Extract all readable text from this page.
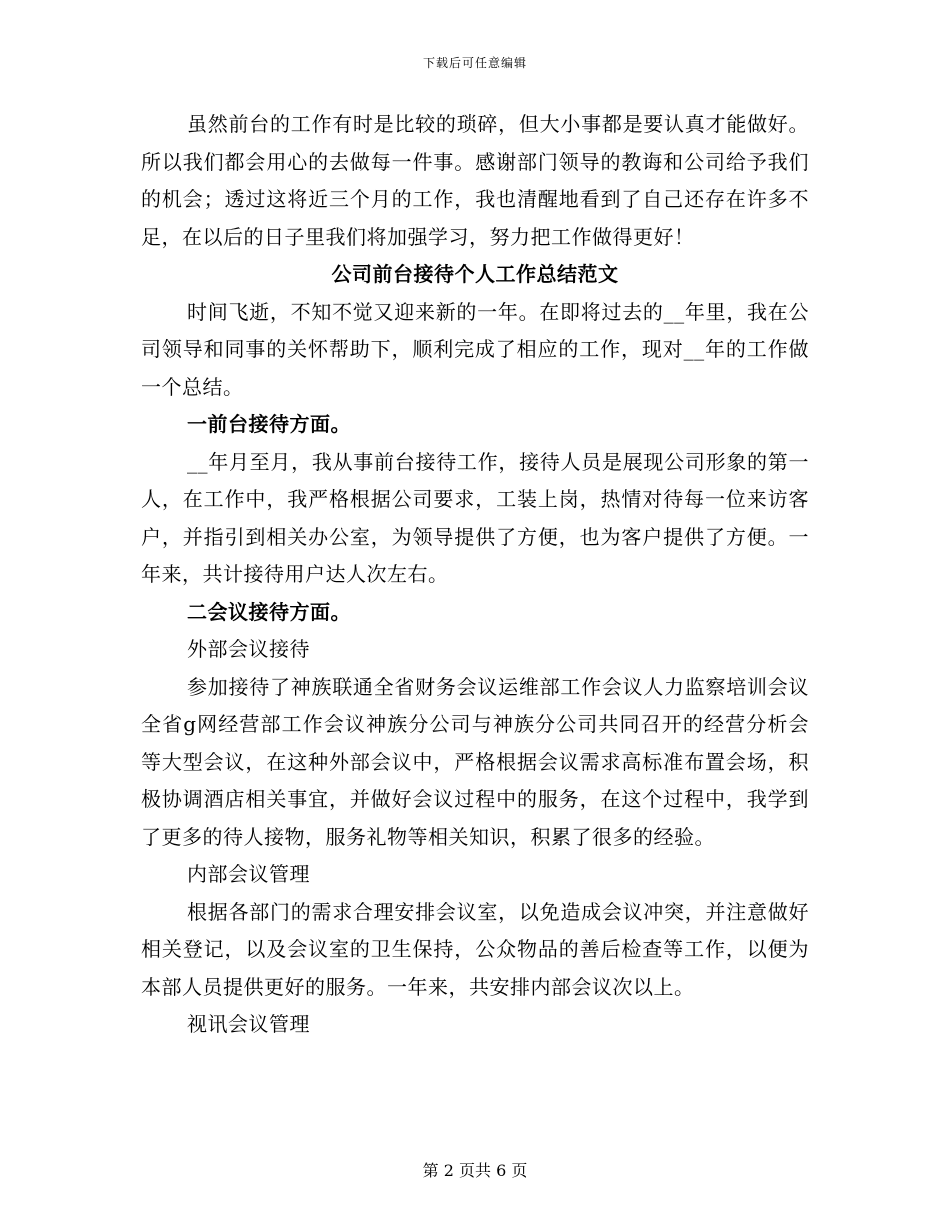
下载后可任意编辑

虽然前台的工作有时是比较的琐碎，但大小事都是要认真才能做好。所以我们都会用心的去做每一件事。感谢部门领导的教诲和公司给予我们的机会；透过这将近三个月的工作，我也清醒地看到了自己还存在许多不足，在以后的日子里我们将加强学习，努力把工作做得更好！

公司前台接待个人工作总结范文

时间飞逝，不知不觉又迎来新的一年。在即将过去的__年里，我在公司领导和同事的关怀帮助下，顺利完成了相应的工作，现对__年的工作做一个总结。

一前台接待方面。

__年月至月，我从事前台接待工作，接待人员是展现公司形象的第一人，在工作中，我严格根据公司要求，工装上岗，热情对待每一位来访客户，并指引到相关办公室，为领导提供了方便，也为客户提供了方便。一年来，共计接待用户达人次左右。

二会议接待方面。

外部会议接待

参加接待了神族联通全省财务会议运维部工作会议人力监察培训会议全省g网经营部工作会议神族分公司与神族分公司共同召开的经营分析会等大型会议，在这种外部会议中，严格根据会议需求高标准布置会场，积极协调酒店相关事宜，并做好会议过程中的服务，在这个过程中，我学到了更多的待人接物，服务礼物等相关知识，积累了很多的经验。

内部会议管理

根据各部门的需求合理安排会议室，以免造成会议冲突，并注意做好相关登记，以及会议室的卫生保持，公众物品的善后检查等工作，以便为本部人员提供更好的服务。一年来，共安排内部会议次以上。

视讯会议管理

第 2 页共 6 页
